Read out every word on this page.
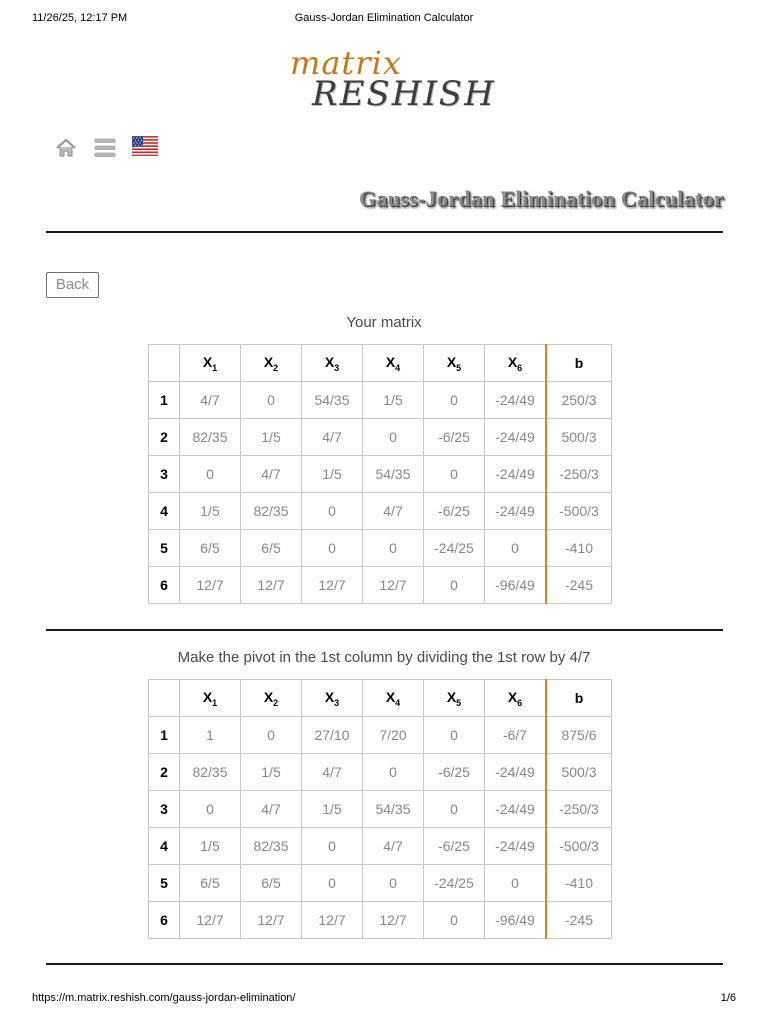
11/26/25, 12:17 PM	Gauss-Jordan Elimination Calculator
matrix
RESHISH
Gauss-Jordan Elimination Calculator
Back
Your matrix
	$X_1$	$X_2$	$X_3$	$X_4$	$X_5$	$X_6$	b
1	4/7	0	54/35	1/5	0	-24/49	250/3
2	82/35	1/5	4/7	0	-6/25	-24/49	500/3
3	0	4/7	1/5	54/35	0	-24/49	-250/3
4	1/5	82/35	0	4/7	-6/25	-24/49	-500/3
5	6/5	6/5	0	0	-24/25	0	-410
6	12/7	12/7	12/7	12/7	0	-96/49	-245
Make the pivot in the 1st column by dividing the 1st row by 4/7
	$X_1$	$X_2$	$X_3$	$X_4$	$X_5$	$X_6$	b
1	1	0	27/10	7/20	0	-6/7	875/6
2	82/35	1/5	4/7	0	-6/25	-24/49	500/3
3	0	4/7	1/5	54/35	0	-24/49	-250/3
4	1/5	82/35	0	4/7	-6/25	-24/49	-500/3
5	6/5	6/5	0	0	-24/25	0	-410
6	12/7	12/7	12/7	12/7	0	-96/49	-245
https://m.matrix.reshish.com/gauss-jordan-elimination/	1/6
